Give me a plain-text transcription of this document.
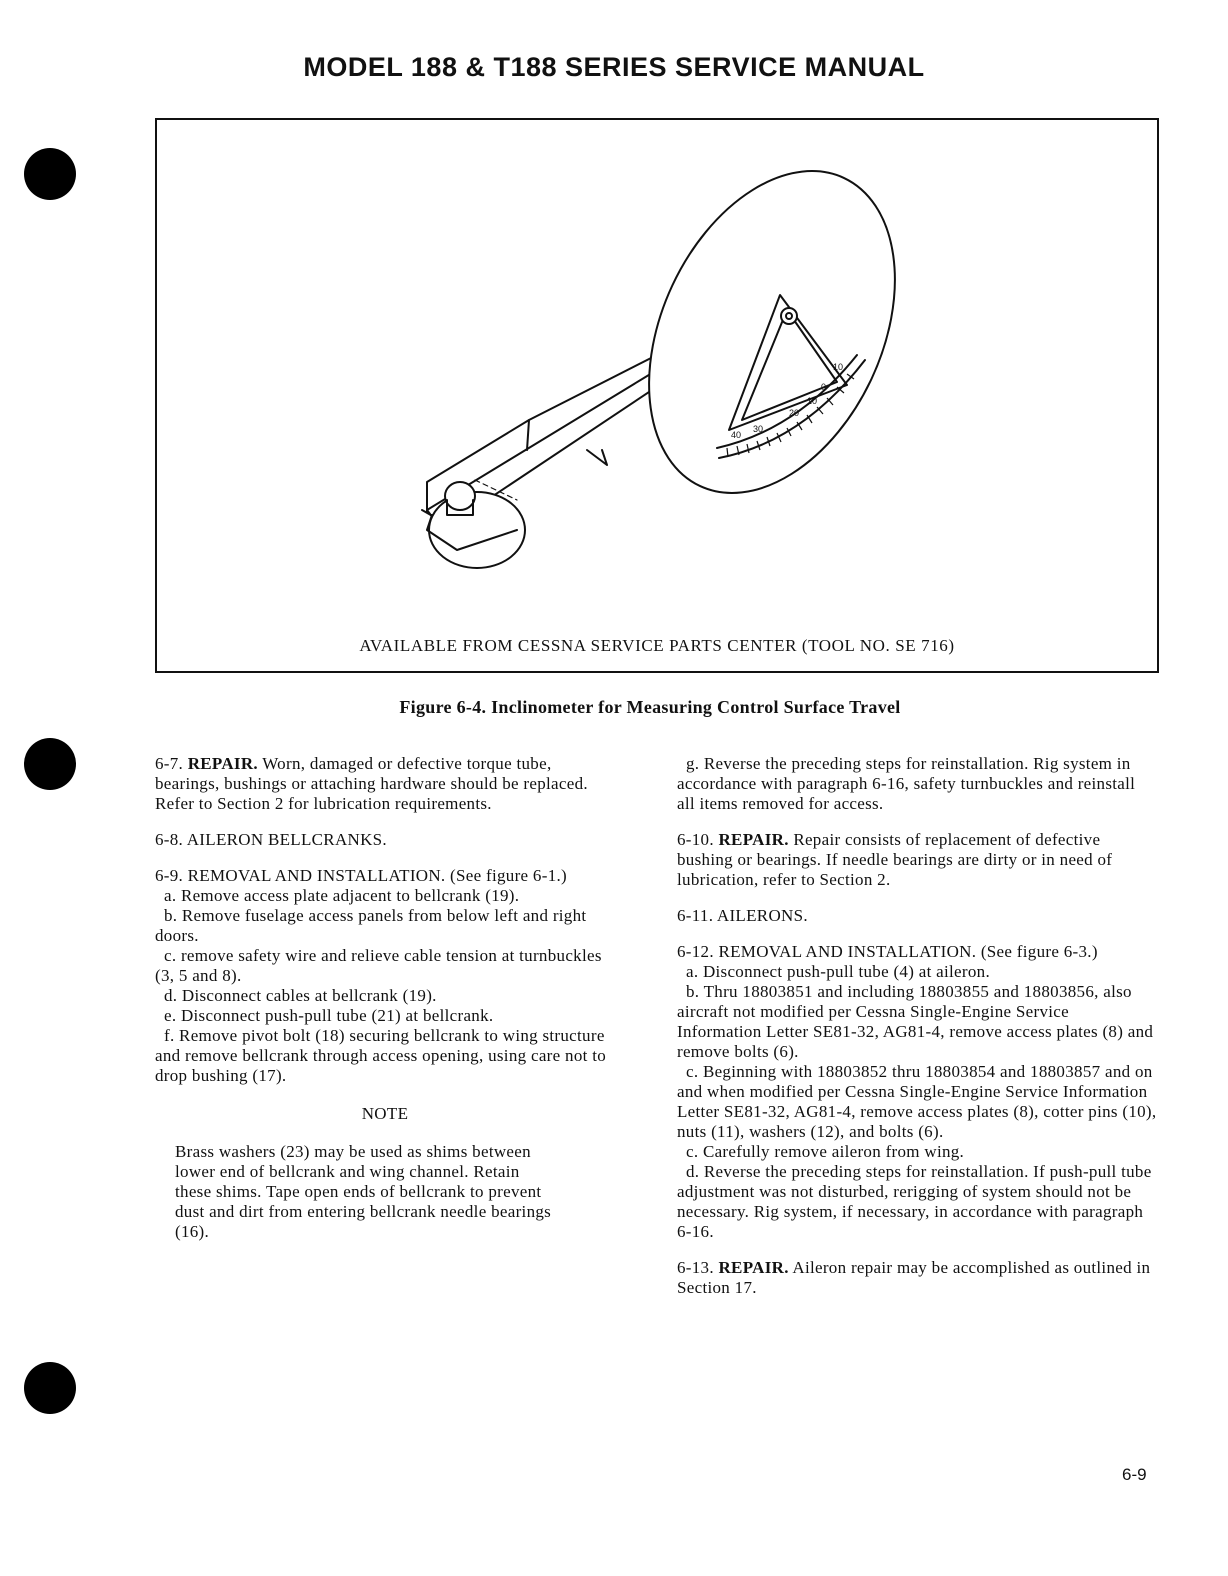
MODEL 188 & T188 SERIES SERVICE MANUAL
40
30
20
10
0
10
AVAILABLE FROM CESSNA SERVICE PARTS CENTER (TOOL NO. SE 716)
Figure 6-4. Inclinometer for Measuring Control Surface Travel

6-7. REPAIR. Worn, damaged or defective torque tube, bearings, bushings or attaching hardware should be replaced. Refer to Section 2 for lubrication requirements.

6-8. AILERON BELLCRANKS.

6-9. REMOVAL AND INSTALLATION. (See figure 6-1.)

a. Remove access plate adjacent to bellcrank (19).

b. Remove fuselage access panels from below left and right doors.

c. remove safety wire and relieve cable tension at turnbuckles (3, 5 and 8).

d. Disconnect cables at bellcrank (19).

e. Disconnect push-pull tube (21) at bellcrank.

f. Remove pivot bolt (18) securing bellcrank to wing structure and remove bellcrank through access opening, using care not to drop bushing (17).

NOTE

Brass washers (23) may be used as shims between lower end of bellcrank and wing channel. Retain these shims. Tape open ends of bellcrank to prevent dust and dirt from entering bellcrank needle bearings (16).

g. Reverse the preceding steps for reinstallation. Rig system in accordance with paragraph 6-16, safety turnbuckles and reinstall all items removed for access.

6-10. REPAIR. Repair consists of replacement of defective bushing or bearings. If needle bearings are dirty or in need of lubrication, refer to Section 2.

6-11. AILERONS.

6-12. REMOVAL AND INSTALLATION. (See figure 6-3.)

a. Disconnect push-pull tube (4) at aileron.

b. Thru 18803851 and including 18803855 and 18803856, also aircraft not modified per Cessna Single-Engine Service Information Letter SE81-32, AG81-4, remove access plates (8) and remove bolts (6).

c. Beginning with 18803852 thru 18803854 and 18803857 and on and when modified per Cessna Single-Engine Service Information Letter SE81-32, AG81-4, remove access plates (8), cotter pins (10), nuts (11), washers (12), and bolts (6).

c. Carefully remove aileron from wing.

d. Reverse the preceding steps for reinstallation. If push-pull tube adjustment was not disturbed, rerigging of system should not be necessary. Rig system, if necessary, in accordance with paragraph 6-16.

6-13. REPAIR. Aileron repair may be accomplished as outlined in Section 17.

6-9
